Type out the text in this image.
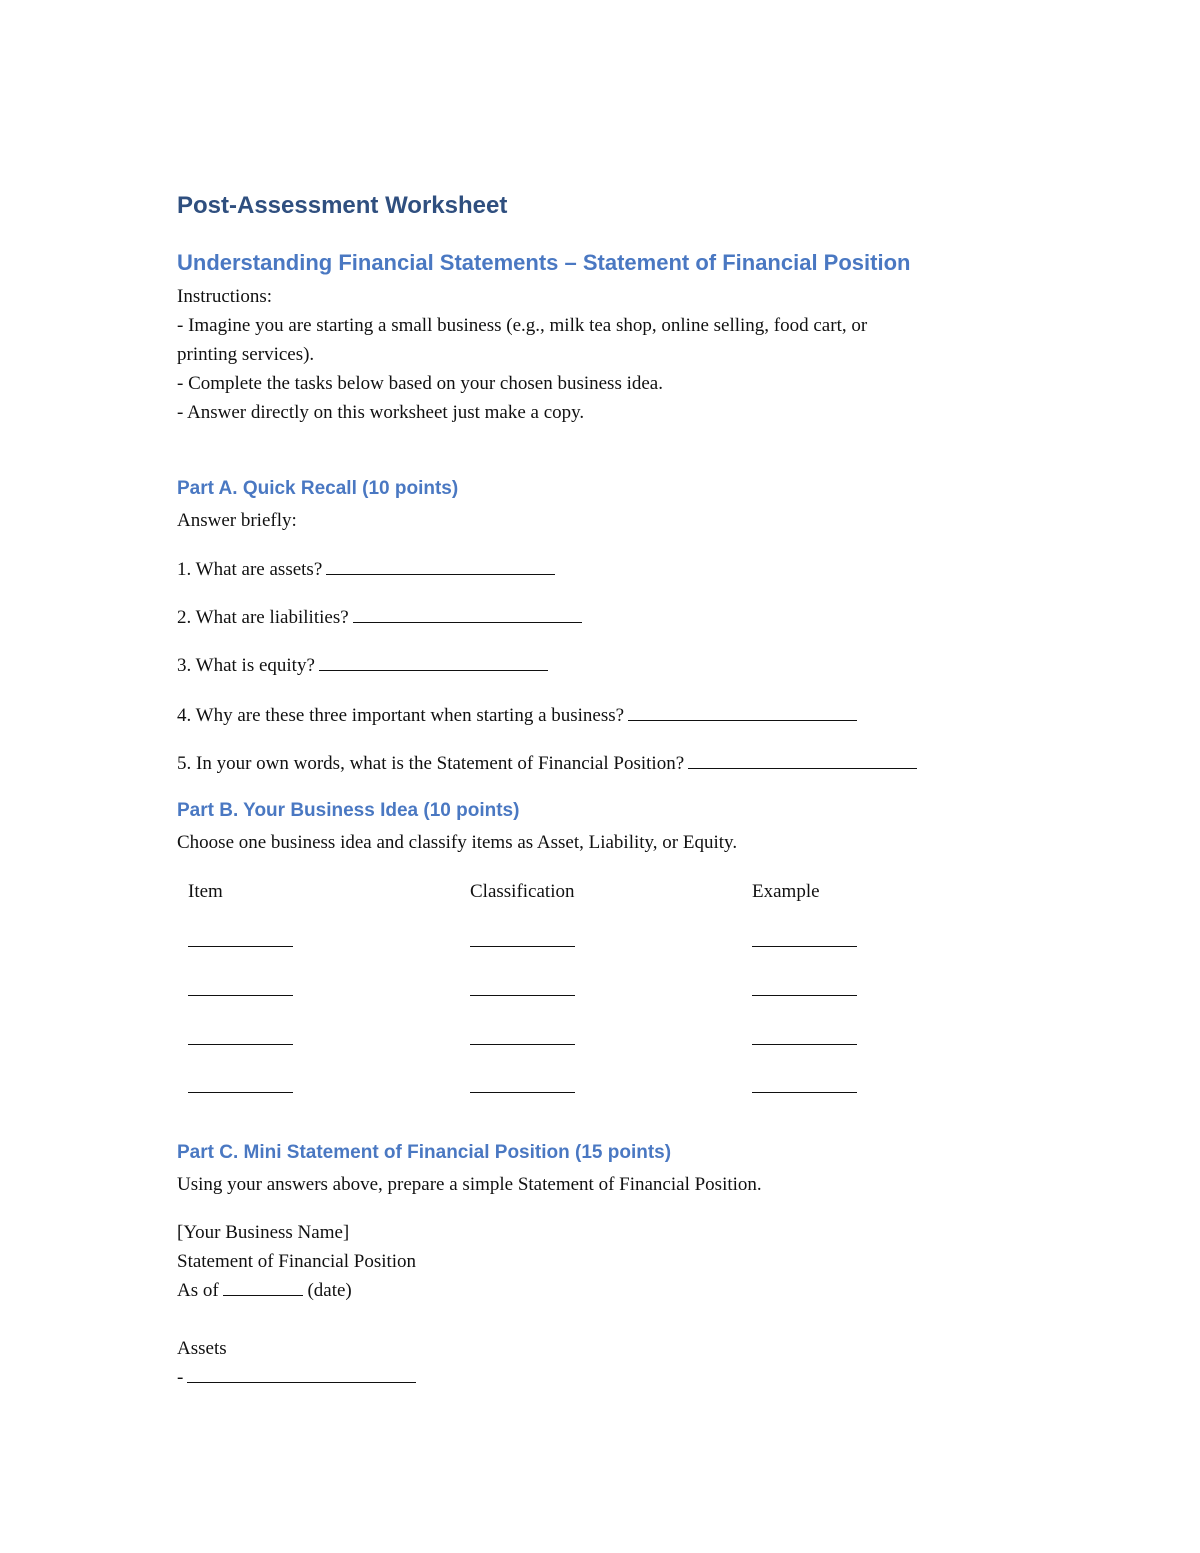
Post-Assessment Worksheet
Understanding Financial Statements – Statement of Financial Position
Instructions:
- Imagine you are starting a small business (e.g., milk tea shop, online selling, food cart, or
printing services).
- Complete the tasks below based on your chosen business idea.
- Answer directly on this worksheet just make a copy.
Part A. Quick Recall (10 points)
Answer briefly:
1. What are assets?
2. What are liabilities?
3. What is equity?
4. Why are these three important when starting a business?
5. In your own words, what is the Statement of Financial Position?
Part B. Your Business Idea (10 points)
Choose one business idea and classify items as Asset, Liability, or Equity.
Item	Classification	Example
Part C. Mini Statement of Financial Position (15 points)
Using your answers above, prepare a simple Statement of Financial Position.
[Your Business Name]
Statement of Financial Position
As of	(date)
Assets
-
